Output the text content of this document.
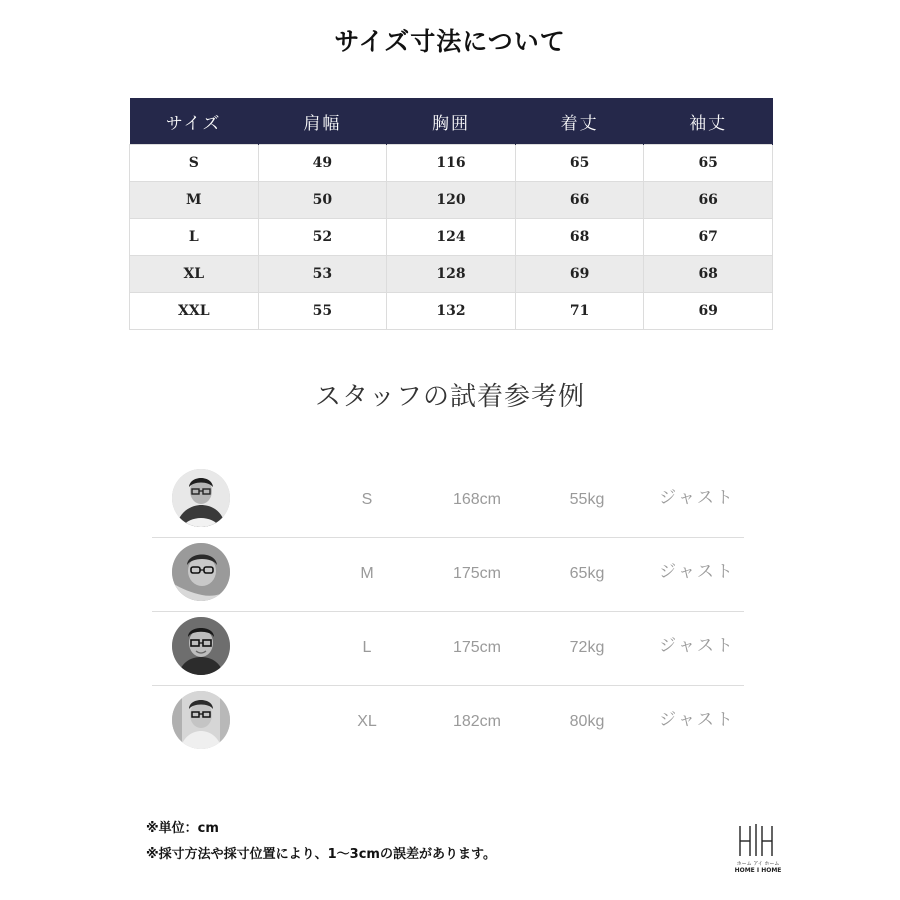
サイズ寸法について
サイズ	肩幅	胸囲	着丈	袖丈
S	49	116	65	65
M	50	120	66	66
L	52	124	68	67
XL	53	128	69	68
XXL	55	132	71	69
スタッフの試着参考例
S	168cm	55kg	ジャスト
M	175cm	65kg	ジャスト
L	175cm	72kg	ジャスト
XL	182cm	80kg	ジャスト
※単位：cm
※採寸方法や採寸位置により、1～3cmの誤差があります。
ホーム アイ ホーム
HOME I HOME
